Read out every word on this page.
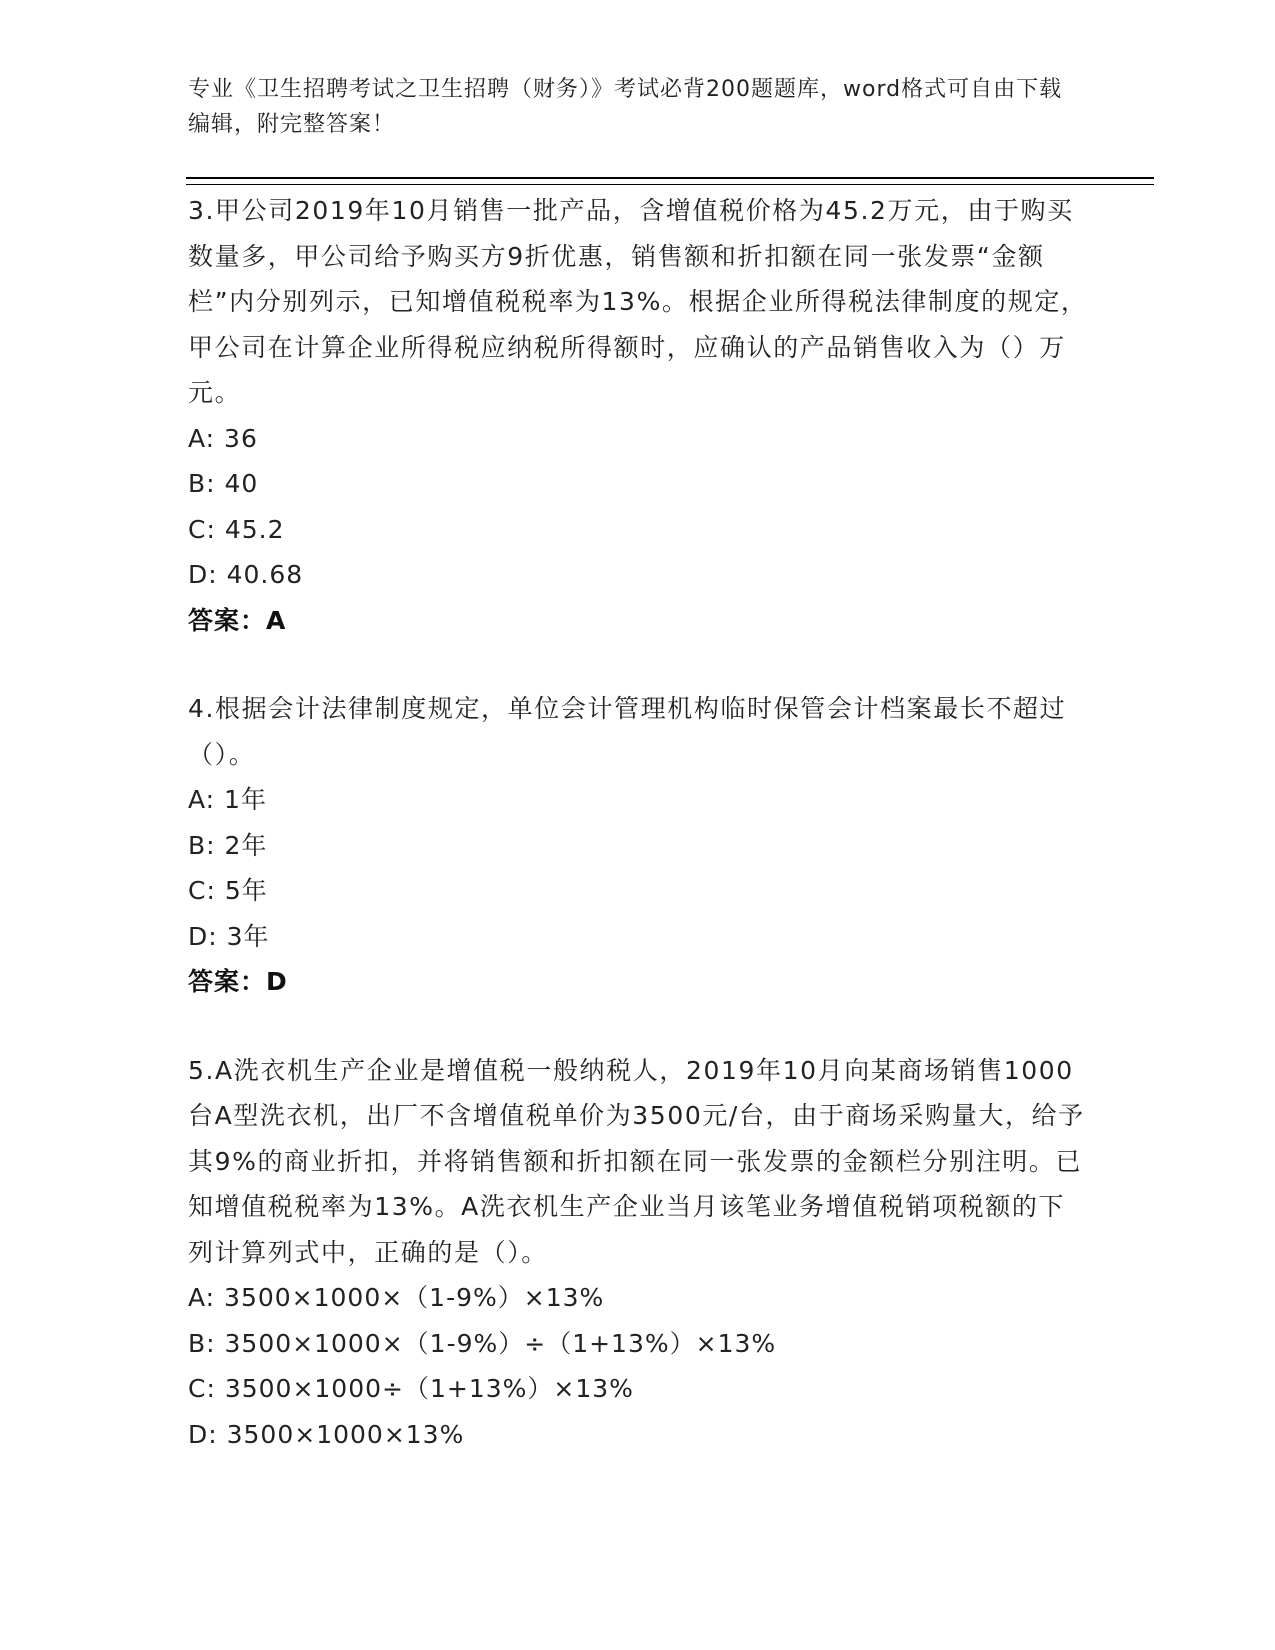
专业《卫生招聘考试之卫生招聘（财务）》考试必背200题题库，word格式可自由下载编辑，附完整答案！

3.甲公司2019年10月销售一批产品，含增值税价格为45.2万元，由于购买数量多，甲公司给予购买方9折优惠，销售额和折扣额在同一张发票“金额栏”内分别列示，已知增值税税率为13%。根据企业所得税法律制度的规定，甲公司在计算企业所得税应纳税所得额时，应确认的产品销售收入为（）万元。

A: 36

B: 40

C: 45.2

D: 40.68

答案：A

4.根据会计法律制度规定，单位会计管理机构临时保管会计档案最长不超过（）。

A: 1年

B: 2年

C: 5年

D: 3年

答案：D

5.A洗衣机生产企业是增值税一般纳税人，2019年10月向某商场销售1000台A型洗衣机，出厂不含增值税单价为3500元/台，由于商场采购量大，给予其9%的商业折扣，并将销售额和折扣额在同一张发票的金额栏分别注明。已知增值税税率为13%。A洗衣机生产企业当月该笔业务增值税销项税额的下列计算列式中，正确的是（）。

A: 3500×1000×（1-9%）×13%

B: 3500×1000×（1-9%）÷（1+13%）×13%

C: 3500×1000÷（1+13%）×13%

D: 3500×1000×13%
